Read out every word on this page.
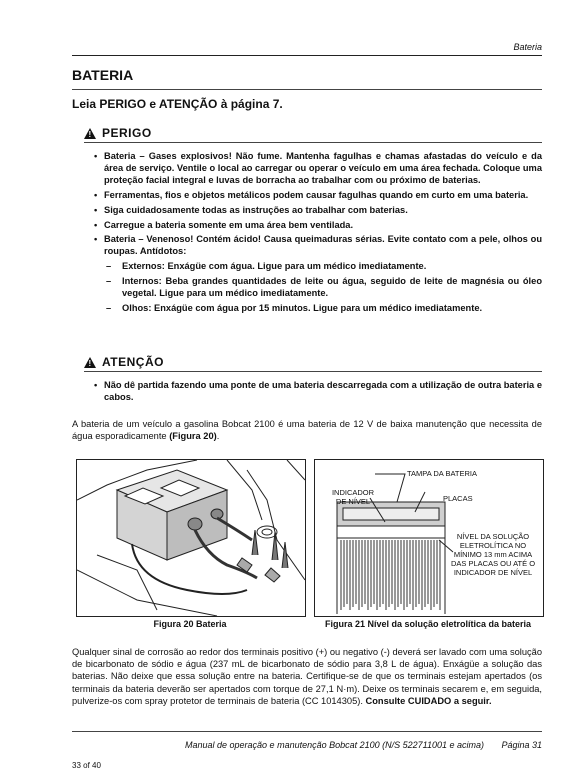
Bateria
BATERIA
Leia PERIGO e ATENÇÃO à página 7.
! PERIGO
• Bateria – Gases explosivos! Não fume. Mantenha fagulhas e chamas afastadas do veículo e da área de serviço. Ventile o local ao carregar ou operar o veículo em uma área fechada. Coloque uma proteção facial integral e luvas de borracha ao trabalhar com ou próximo de baterias.
• Ferramentas, fios e objetos metálicos podem causar fagulhas quando em curto em uma bateria.
• Siga cuidadosamente todas as instruções ao trabalhar com baterias.
• Carregue a bateria somente em uma área bem ventilada.
• Bateria – Venenoso! Contém ácido! Causa queimaduras sérias. Evite contato com a pele, olhos ou roupas. Antídotos:
– Externos: Enxágüe com água. Ligue para um médico imediatamente.
– Internos: Beba grandes quantidades de leite ou água, seguido de leite de magnésia ou óleo vegetal. Ligue para um médico imediatamente.
– Olhos: Enxágüe com água por 15 minutos. Ligue para um médico imediatamente.
! ATENÇÃO
• Não dê partida fazendo uma ponte de uma bateria descarregada com a utilização de outra bateria e cabos.
A bateria de um veículo a gasolina Bobcat 2100 é uma bateria de 12 V de baixa manutenção que necessita de água esporadicamente (Figura 20).
Figura 20 Bateria
TAMPA DA BATERIA
INDICADOR DE NÍVEL	PLACAS
NÍVEL DA SOLUÇÃO ELETROLÍTICA NO MÍNIMO 13 mm ACIMA DAS PLACAS OU ATÉ O INDICADOR DE NÍVEL
Figura 21 Nível da solução eletrolítica da bateria
Qualquer sinal de corrosão ao redor dos terminais positivo (+) ou negativo (-) deverá ser lavado com uma solução de bicarbonato de sódio e água (237 mL de bicarbonato de sódio para 3,8 L de água). Enxágüe a solução das baterias. Não deixe que essa solução entre na bateria. Certifique-se de que os terminais estejam apertados (os terminais da bateria deverão ser apertados com torque de 27,1 N·m). Deixe os terminais secarem e, em seguida, pulverize-os com spray protetor de terminais de bateria (CC 1014305). Consulte CUIDADO a seguir.
Manual de operação e manutenção Bobcat 2100 (N/S 522711001 e acima) Página 31
33 of 40
